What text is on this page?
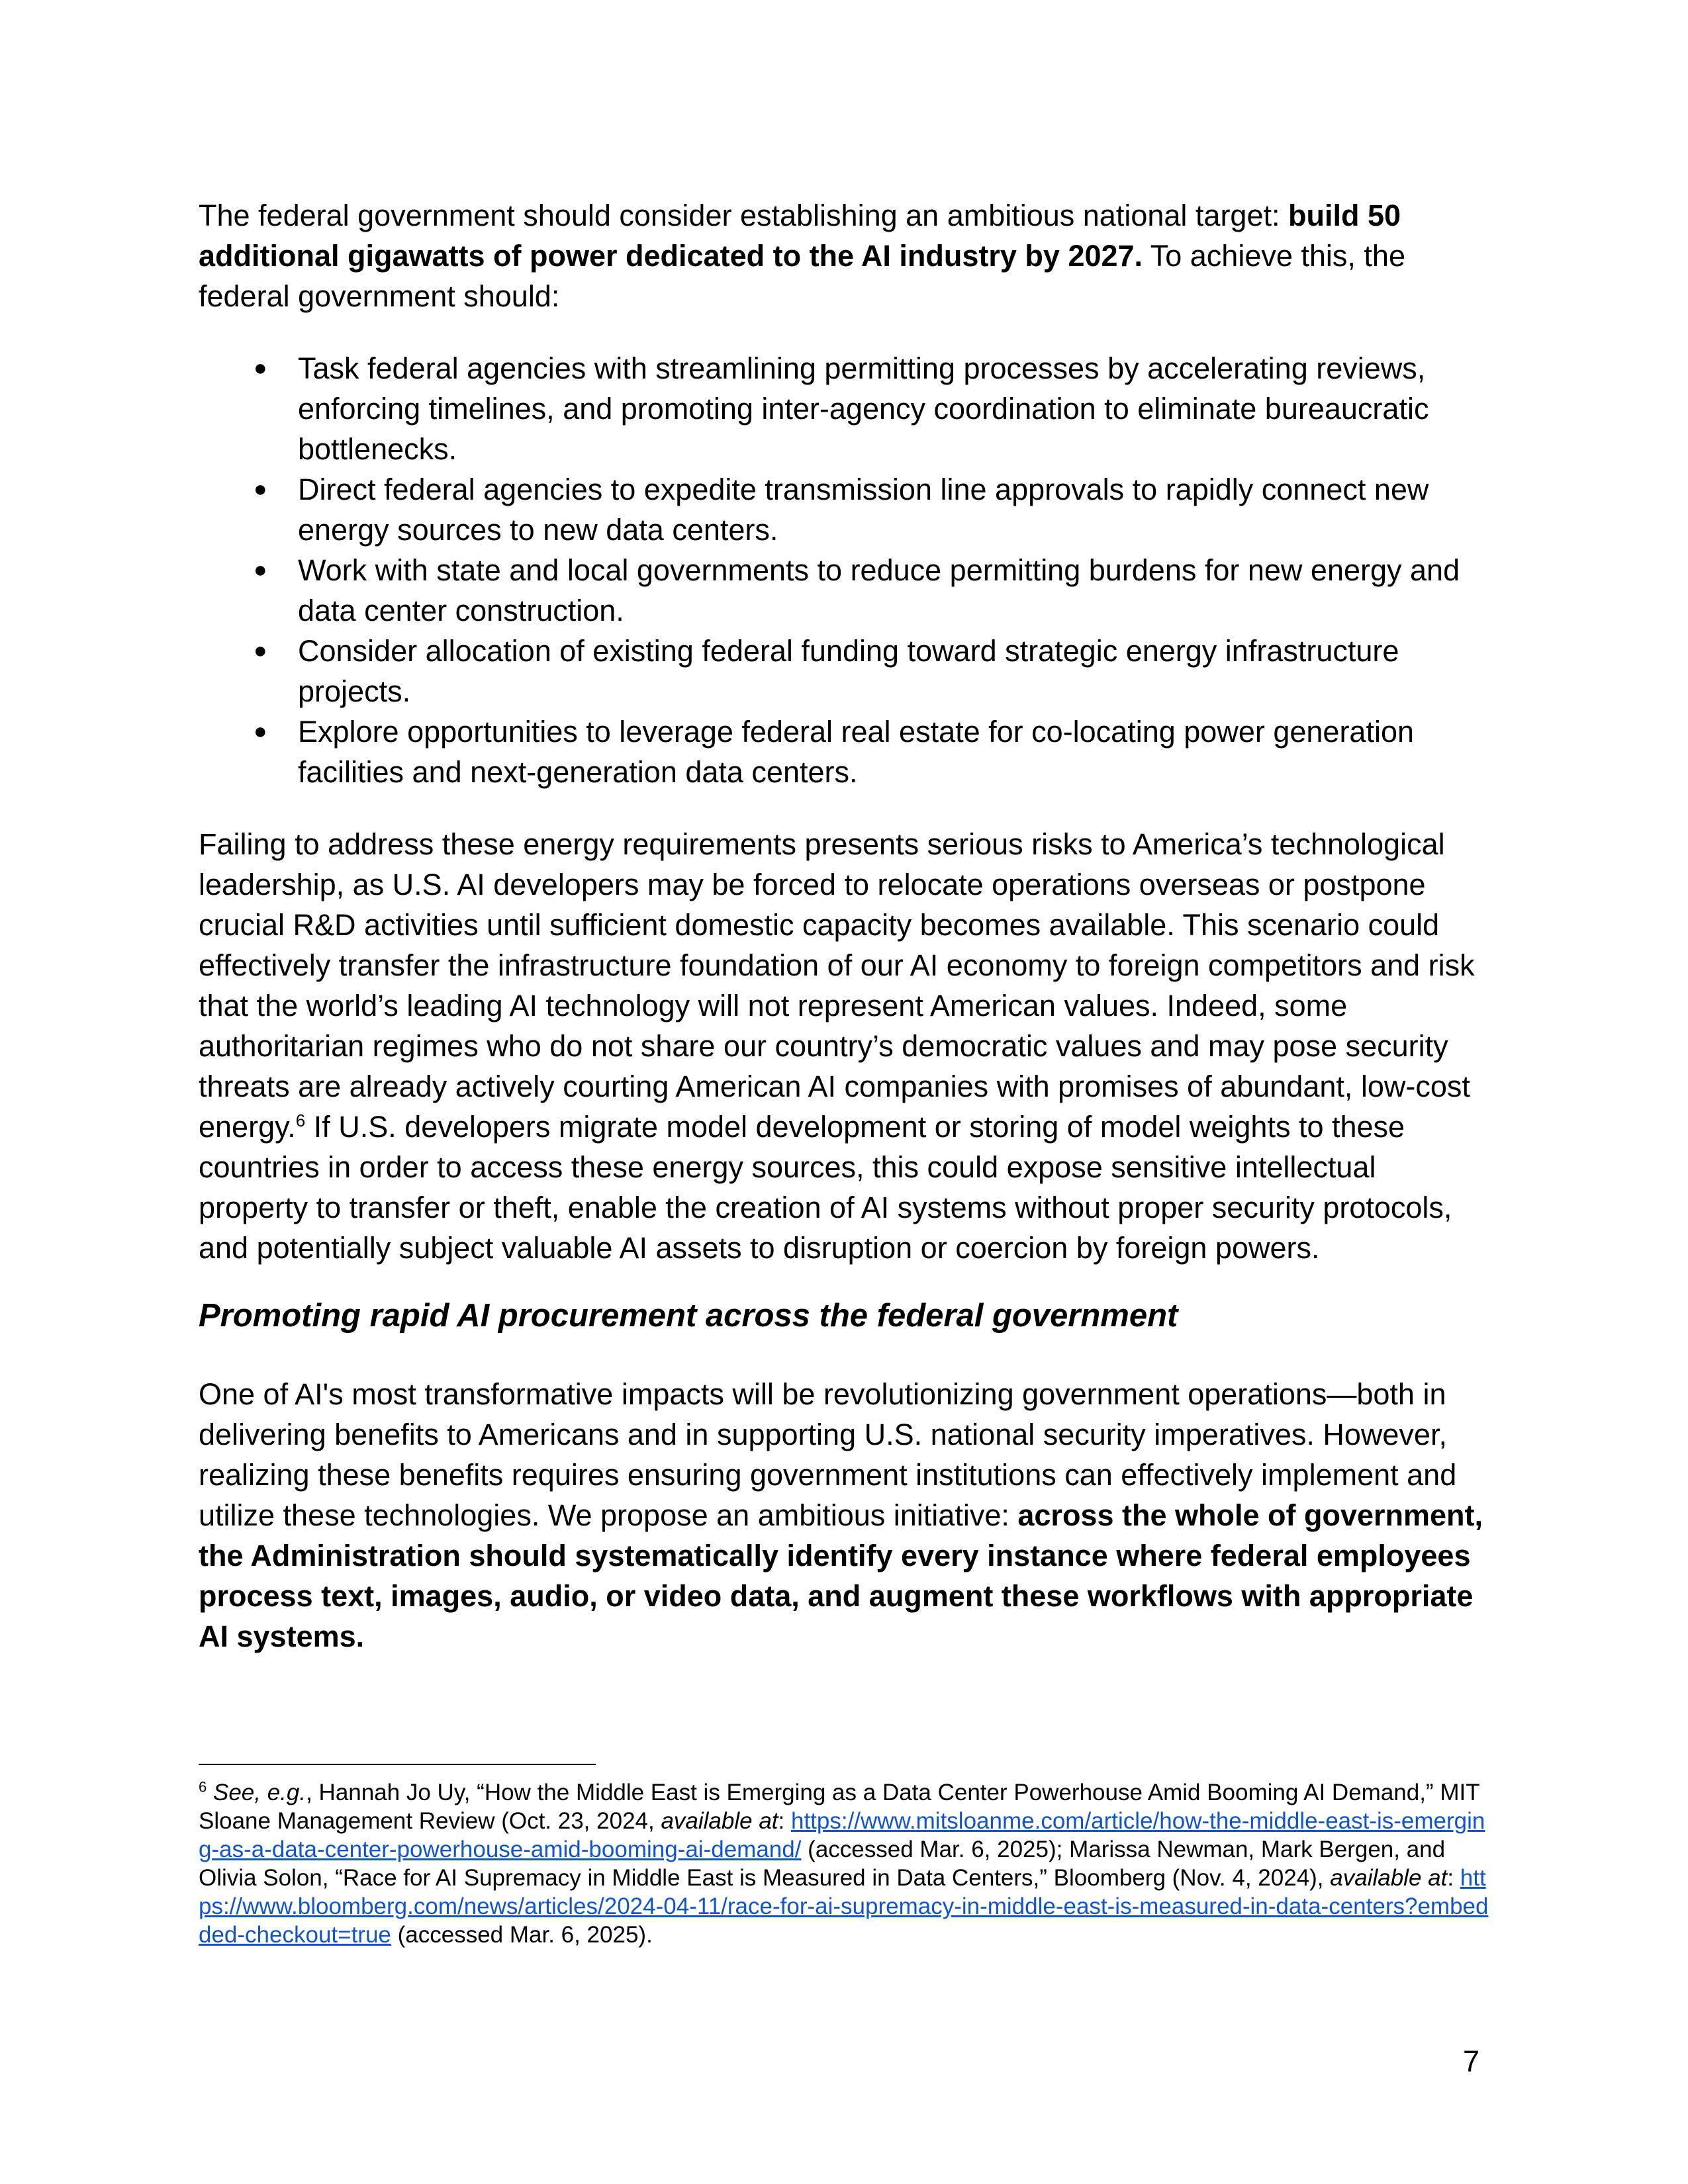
The federal government should consider establishing an ambitious national target: build 50 additional gigawatts of power dedicated to the AI industry by 2027. To achieve this, the federal government should:

● Task federal agencies with streamlining permitting processes by accelerating reviews, enforcing timelines, and promoting inter-agency coordination to eliminate bureaucratic bottlenecks.
● Direct federal agencies to expedite transmission line approvals to rapidly connect new energy sources to new data centers.
● Work with state and local governments to reduce permitting burdens for new energy and data center construction.
● Consider allocation of existing federal funding toward strategic energy infrastructure projects.
● Explore opportunities to leverage federal real estate for co-locating power generation facilities and next-generation data centers.

Failing to address these energy requirements presents serious risks to America’s technological leadership, as U.S. AI developers may be forced to relocate operations overseas or postpone crucial R&D activities until sufficient domestic capacity becomes available. This scenario could effectively transfer the infrastructure foundation of our AI economy to foreign competitors and risk that the world’s leading AI technology will not represent American values. Indeed, some authoritarian regimes who do not share our country’s democratic values and may pose security threats are already actively courting American AI companies with promises of abundant, low-cost energy.$^6$ If U.S. developers migrate model development or storing of model weights to these countries in order to access these energy sources, this could expose sensitive intellectual property to transfer or theft, enable the creation of AI systems without proper security protocols, and potentially subject valuable AI assets to disruption or coercion by foreign powers.

Promoting rapid AI procurement across the federal government

One of AI's most transformative impacts will be revolutionizing government operations—both in delivering benefits to Americans and in supporting U.S. national security imperatives. However, realizing these benefits requires ensuring government institutions can effectively implement and utilize these technologies. We propose an ambitious initiative: across the whole of government, the Administration should systematically identify every instance where federal employees process text, images, audio, or video data, and augment these workflows with appropriate AI systems.

$^6$ See, e.g., Hannah Jo Uy, “How the Middle East is Emerging as a Data Center Powerhouse Amid Booming AI Demand,” MIT Sloane Management Review (Oct. 23, 2024, available at: https://www.mitsloanme.com/article/how-the-middle-east-is-emerging-as-a-data-center-powerhouse-amid-booming-ai-demand/ (accessed Mar. 6, 2025); Marissa Newman, Mark Bergen, and Olivia Solon, “Race for AI Supremacy in Middle East is Measured in Data Centers,” Bloomberg (Nov. 4, 2024), available at: https://www.bloomberg.com/news/articles/2024-04-11/race-for-ai-supremacy-in-middle-east-is-measured-in-data-centers?embedded-checkout=true (accessed Mar. 6, 2025).

7
